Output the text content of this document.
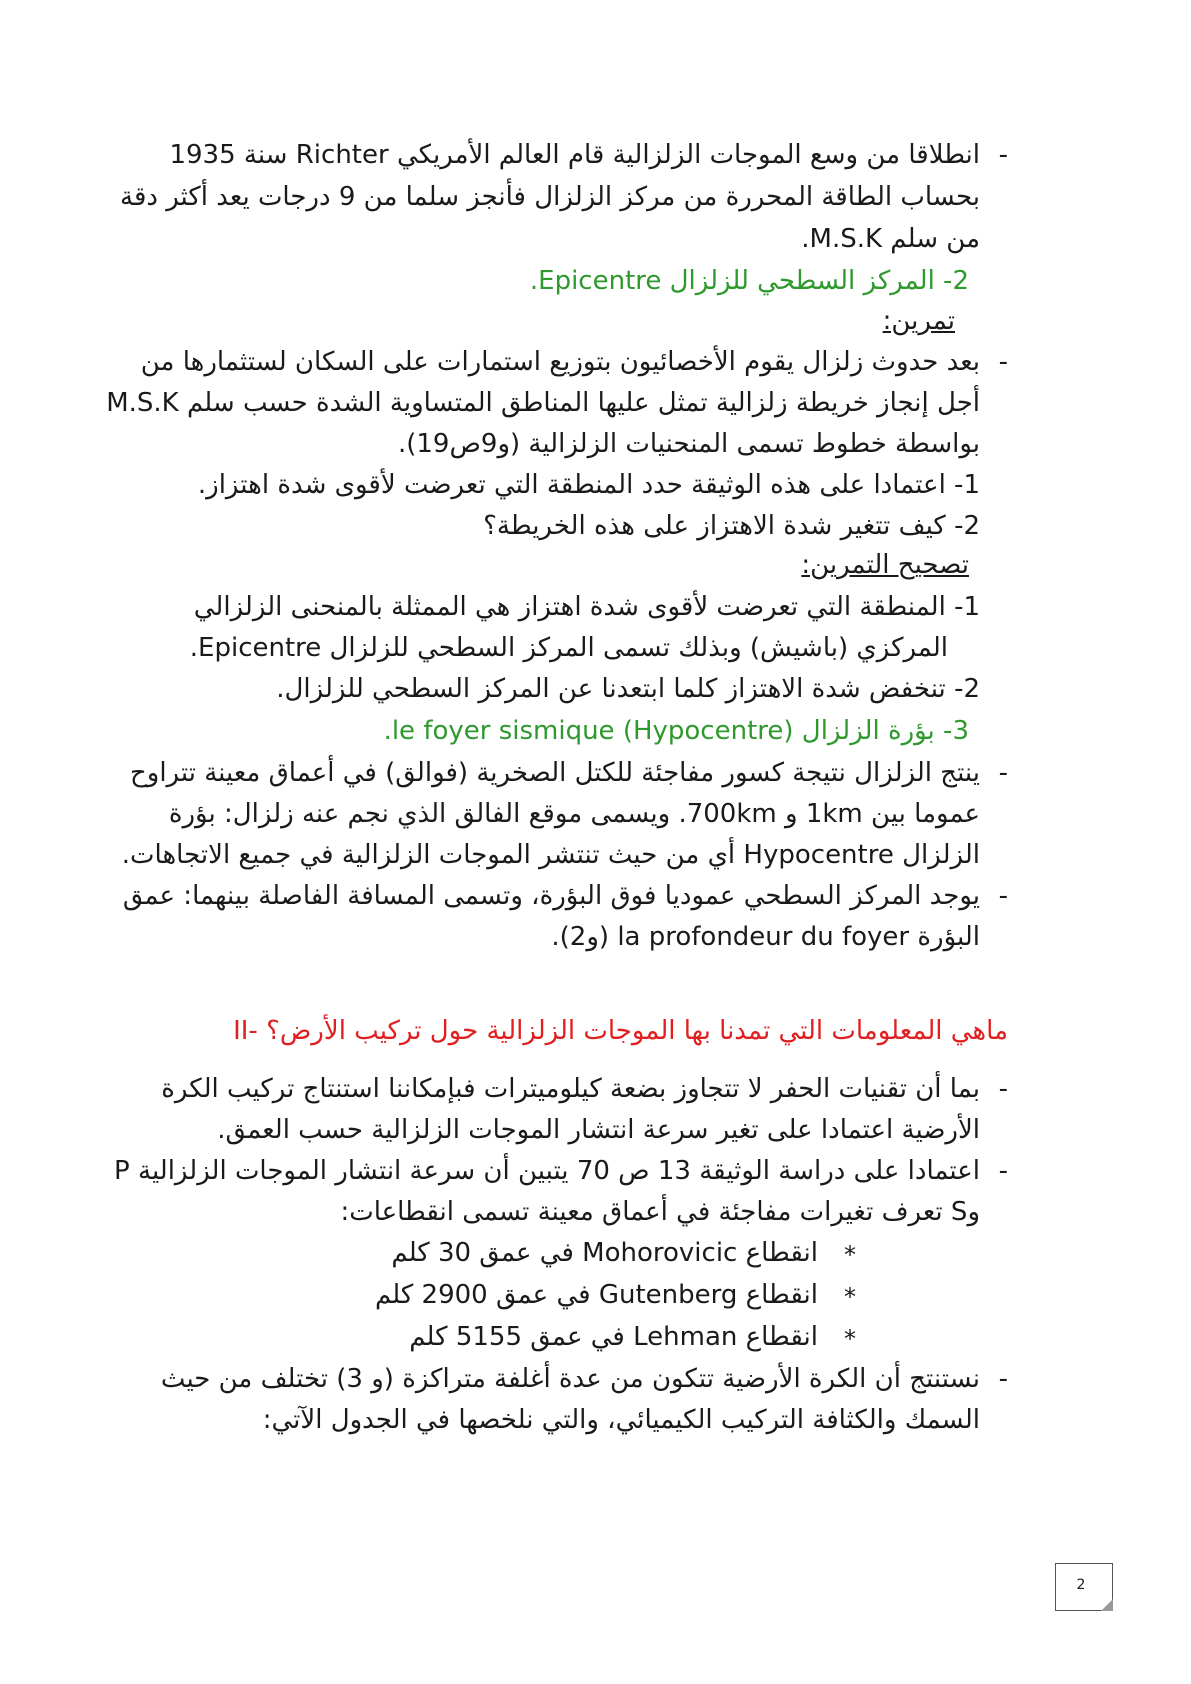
-
انطلاقا من وسع الموجات الزلزالية قام العالم الأمريكي Richter سنة 1935
بحساب الطاقة المحررة من مركز الزلزال فأنجز سلما من 9 درجات يعد أكثر دقة
من سلم M.S.K.
2- المركز السطحي للزلزال Epicentre.
تمرين:
-
بعد حدوث زلزال يقوم الأخصائيون بتوزيع استمارات على السكان لستثمارها من
أجل إنجاز خريطة زلزالية تمثل عليها المناطق المتساوية الشدة حسب سلم M.S.K
بواسطة خطوط تسمى المنحنيات الزلزالية (و9ص19).
1- اعتمادا على هذه الوثيقة حدد المنطقة التي تعرضت لأقوى شدة اهتزاز.
2- كيف تتغير شدة الاهتزاز على هذه الخريطة؟
تصحيح التمرين:
1- المنطقة التي تعرضت لأقوى شدة اهتزاز هي الممثلة بالمنحنى الزلزالي
المركزي (باشيش) وبذلك تسمى المركز السطحي للزلزال Epicentre.
2- تنخفض شدة الاهتزاز كلما ابتعدنا عن المركز السطحي للزلزال.
3- بؤرة الزلزال le foyer sismique (Hypocentre).
-
ينتج الزلزال نتيجة كسور مفاجئة للكتل الصخرية (فوالق) في أعماق معينة تتراوح
عموما بين 1km و 700km. ويسمى موقع الفالق الذي نجم عنه زلزال: بؤرة
الزلزال Hypocentre أي من حيث تنتشر الموجات الزلزالية في جميع الاتجاهات.
-
يوجد المركز السطحي عموديا فوق البؤرة، وتسمى المسافة الفاصلة بينهما: عمق
البؤرة la profondeur du foyer (و2).
II- ماهي المعلومات التي تمدنا بها الموجات الزلزالية حول تركيب الأرض؟
-
بما أن تقنيات الحفر لا تتجاوز بضعة كيلوميترات فبإمكاننا استنتاج تركيب الكرة
الأرضية اعتمادا على تغير سرعة انتشار الموجات الزلزالية حسب العمق.
-
اعتمادا على دراسة الوثيقة 13 ص 70 يتبين أن سرعة انتشار الموجات الزلزالية P
وS تعرف تغيرات مفاجئة في أعماق معينة تسمى انقطاعات:
*
انقطاع Mohorovicic في عمق 30 كلم
*
انقطاع Gutenberg في عمق 2900 كلم
*
انقطاع Lehman في عمق 5155 كلم
-
نستنتج أن الكرة الأرضية تتكون من عدة أغلفة متراكزة (و 3) تختلف من حيث
السمك والكثافة التركيب الكيميائي، والتي نلخصها في الجدول الآتي:
2
